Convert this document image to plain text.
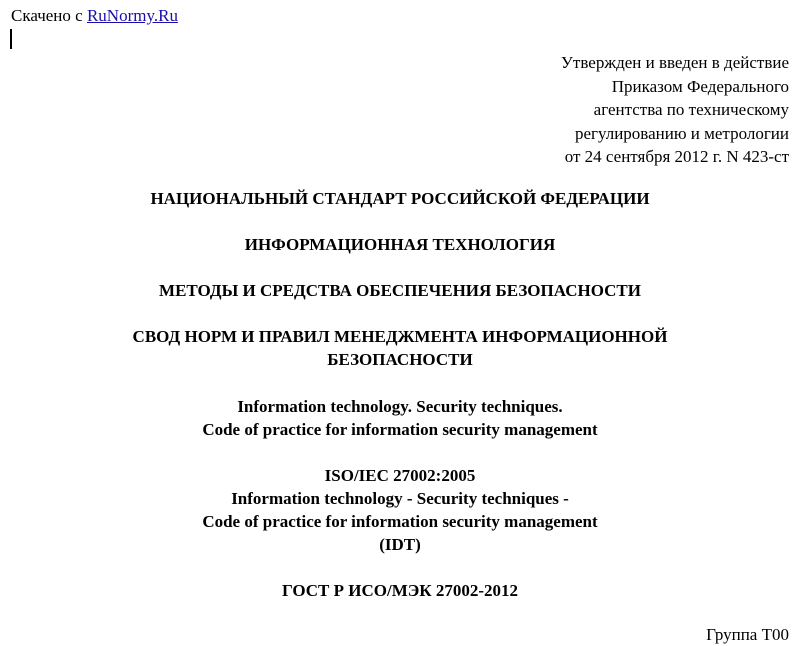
Скачено с RuNormy.Ru
Утвержден и введен в действие
Приказом Федерального
агентства по техническому
регулированию и метрологии
от 24 сентября 2012 г. N 423-ст
НАЦИОНАЛЬНЫЙ СТАНДАРТ РОССИЙСКОЙ ФЕДЕРАЦИИ
ИНФОРМАЦИОННАЯ ТЕХНОЛОГИЯ
МЕТОДЫ И СРЕДСТВА ОБЕСПЕЧЕНИЯ БЕЗОПАСНОСТИ
СВОД НОРМ И ПРАВИЛ МЕНЕДЖМЕНТА ИНФОРМАЦИОННОЙ
БЕЗОПАСНОСТИ
Information technology. Security techniques.
Code of practice for information security management
ISO/IEC 27002:2005
Information technology - Security techniques -
Code of practice for information security management
(IDT)
ГОСТ Р ИСО/МЭК 27002-2012
Группа Т00
